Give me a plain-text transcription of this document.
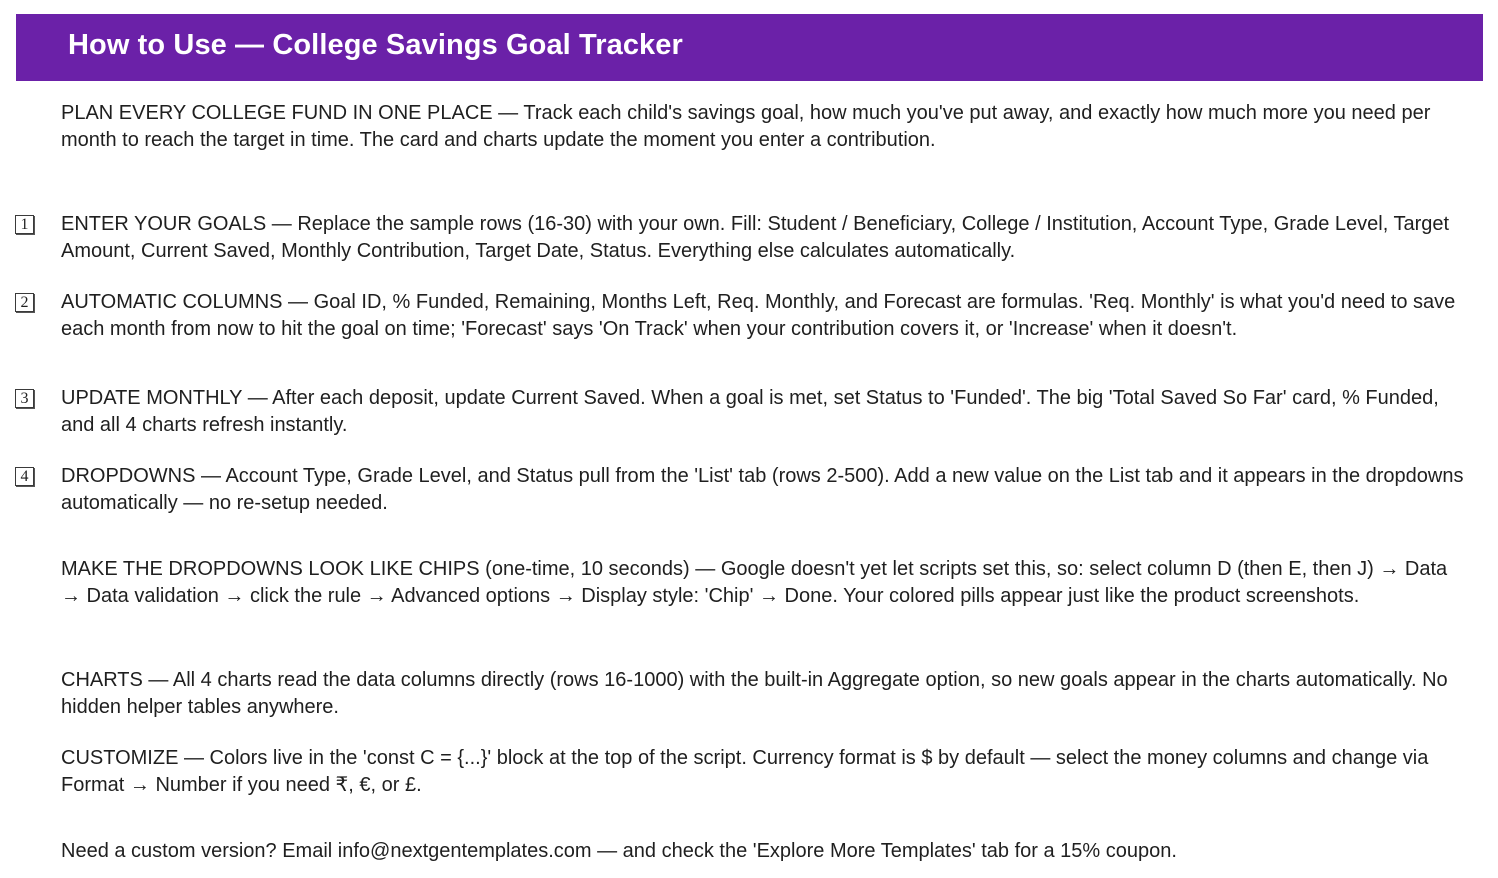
How to Use — College Savings Goal Tracker

PLAN EVERY COLLEGE FUND IN ONE PLACE — Track each child's savings goal, how much you've put away, and exactly how much more you need per month to reach the target in time. The card and charts update the moment you enter a contribution.

1 ENTER YOUR GOALS — Replace the sample rows (16-30) with your own. Fill: Student / Beneficiary, College / Institution, Account Type, Grade Level, Target Amount, Current Saved, Monthly Contribution, Target Date, Status. Everything else calculates automatically.

2 AUTOMATIC COLUMNS — Goal ID, % Funded, Remaining, Months Left, Req. Monthly, and Forecast are formulas. 'Req. Monthly' is what you'd need to save each month from now to hit the goal on time; 'Forecast' says 'On Track' when your contribution covers it, or 'Increase' when it doesn't.

3 UPDATE MONTHLY — After each deposit, update Current Saved. When a goal is met, set Status to 'Funded'. The big 'Total Saved So Far' card, % Funded, and all 4 charts refresh instantly.

4 DROPDOWNS — Account Type, Grade Level, and Status pull from the 'List' tab (rows 2-500). Add a new value on the List tab and it appears in the dropdowns automatically — no re-setup needed.

MAKE THE DROPDOWNS LOOK LIKE CHIPS (one-time, 10 seconds) — Google doesn't yet let scripts set this, so: select column D (then E, then J) → Data → Data validation → click the rule → Advanced options → Display style: 'Chip' → Done. Your colored pills appear just like the product screenshots.

CHARTS — All 4 charts read the data columns directly (rows 16-1000) with the built-in Aggregate option, so new goals appear in the charts automatically. No hidden helper tables anywhere.

CUSTOMIZE — Colors live in the 'const C = {...}' block at the top of the script. Currency format is $ by default — select the money columns and change via Format → Number if you need ₹, €, or £.

Need a custom version? Email info@nextgentemplates.com — and check the 'Explore More Templates' tab for a 15% coupon.
